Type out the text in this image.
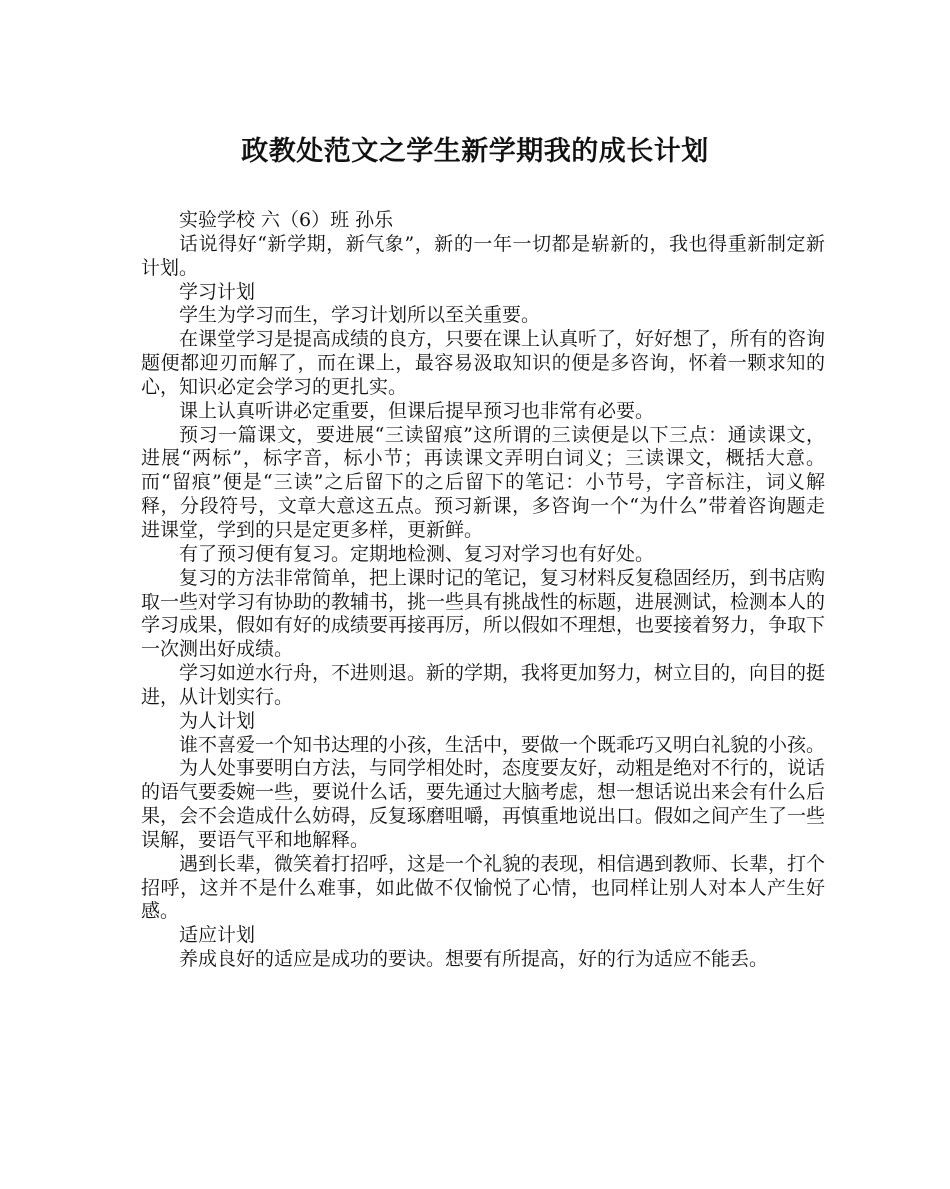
政教处范文之学生新学期我的成长计划

实验学校 六（6）班 孙乐

话说得好“新学期，新气象”，新的一年一切都是崭新的，我也得重新制定新计划。

学习计划

学生为学习而生，学习计划所以至关重要。

在课堂学习是提高成绩的良方，只要在课上认真听了，好好想了，所有的咨询题便都迎刃而解了，而在课上，最容易汲取知识的便是多咨询，怀着一颗求知的心，知识必定会学习的更扎实。

课上认真听讲必定重要，但课后提早预习也非常有必要。

预习一篇课文，要进展“三读留痕”这所谓的三读便是以下三点：通读课文，进展“两标”，标字音，标小节；再读课文弄明白词义；三读课文，概括大意。而“留痕”便是“三读”之后留下的之后留下的笔记：小节号，字音标注，词义解释，分段符号，文章大意这五点。预习新课，多咨询一个“为什么”带着咨询题走进课堂，学到的只是定更多样，更新鲜。

有了预习便有复习。定期地检测、复习对学习也有好处。

复习的方法非常简单，把上课时记的笔记，复习材料反复稳固经历，到书店购取一些对学习有协助的教辅书，挑一些具有挑战性的标题，进展测试，检测本人的学习成果，假如有好的成绩要再接再厉，所以假如不理想，也要接着努力，争取下一次测出好成绩。

学习如逆水行舟，不进则退。新的学期，我将更加努力，树立目的，向目的挺进，从计划实行。

为人计划

谁不喜爱一个知书达理的小孩，生活中，要做一个既乖巧又明白礼貌的小孩。

为人处事要明白方法，与同学相处时，态度要友好，动粗是绝对不行的，说话的语气要委婉一些，要说什么话，要先通过大脑考虑，想一想话说出来会有什么后果，会不会造成什么妨碍，反复琢磨咀嚼，再慎重地说出口。假如之间产生了一些误解，要语气平和地解释。

遇到长辈，微笑着打招呼，这是一个礼貌的表现，相信遇到教师、长辈，打个招呼，这并不是什么难事，如此做不仅愉悦了心情，也同样让别人对本人产生好感。

适应计划

养成良好的适应是成功的要诀。想要有所提高，好的行为适应不能丢。
